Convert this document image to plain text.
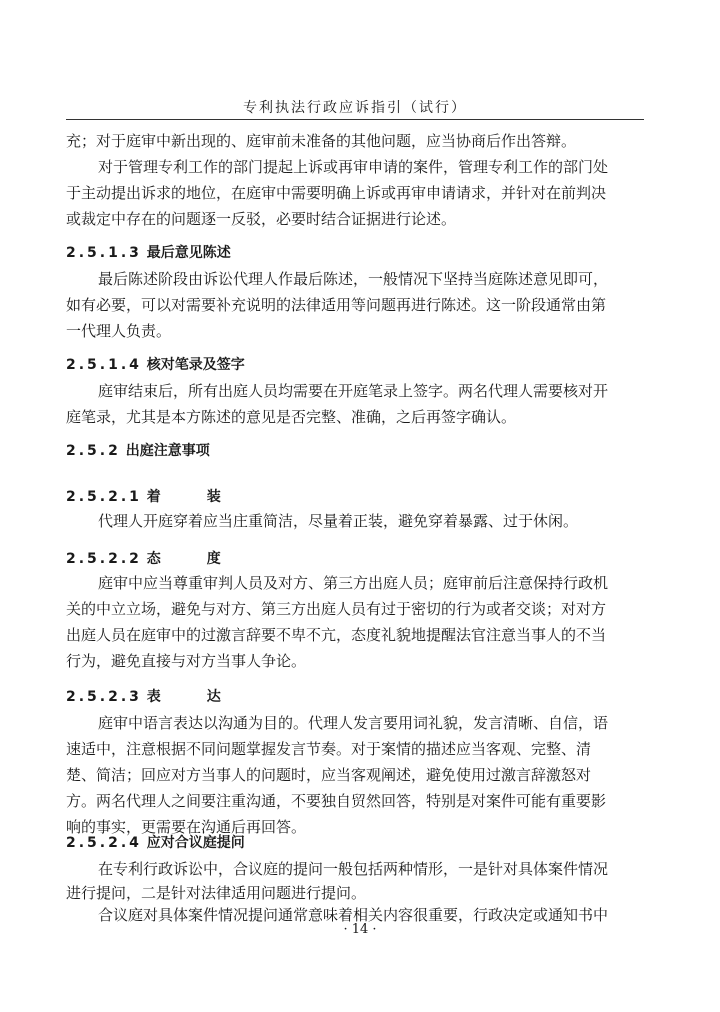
专利执法行政应诉指引（试行）
充；对于庭审中新出现的、庭审前未准备的其他问题，应当协商后作出答辩。
对于管理专利工作的部门提起上诉或再审申请的案件，管理专利工作的部门处
于主动提出诉求的地位，在庭审中需要明确上诉或再审申请请求，并针对在前判决
或裁定中存在的问题逐一反驳，必要时结合证据进行论述。
2.5.1.3 最后意见陈述
最后陈述阶段由诉讼代理人作最后陈述，一般情况下坚持当庭陈述意见即可，
如有必要，可以对需要补充说明的法律适用等问题再进行陈述。这一阶段通常由第
一代理人负责。
2.5.1.4 核对笔录及签字
庭审结束后，所有出庭人员均需要在开庭笔录上签字。两名代理人需要核对开
庭笔录，尤其是本方陈述的意见是否完整、准确，之后再签字确认。
2.5.2 出庭注意事项
2.5.2.1 着	装
代理人开庭穿着应当庄重简洁，尽量着正装，避免穿着暴露、过于休闲。
2.5.2.2 态	度
庭审中应当尊重审判人员及对方、第三方出庭人员；庭审前后注意保持行政机
关的中立立场，避免与对方、第三方出庭人员有过于密切的行为或者交谈；对对方
出庭人员在庭审中的过激言辞要不卑不亢，态度礼貌地提醒法官注意当事人的不当
行为，避免直接与对方当事人争论。
2.5.2.3 表	达
庭审中语言表达以沟通为目的。代理人发言要用词礼貌，发言清晰、自信，语
速适中，注意根据不同问题掌握发言节奏。对于案情的描述应当客观、完整、清
楚、简洁；回应对方当事人的问题时，应当客观阐述，避免使用过激言辞激怒对
方。两名代理人之间要注重沟通，不要独自贸然回答，特别是对案件可能有重要影
响的事实，更需要在沟通后再回答。
2.5.2.4 应对合议庭提问
在专利行政诉讼中，合议庭的提问一般包括两种情形，一是针对具体案件情况
进行提问，二是针对法律适用问题进行提问。
合议庭对具体案件情况提问通常意味着相关内容很重要，行政决定或通知书中
· 14 ·
